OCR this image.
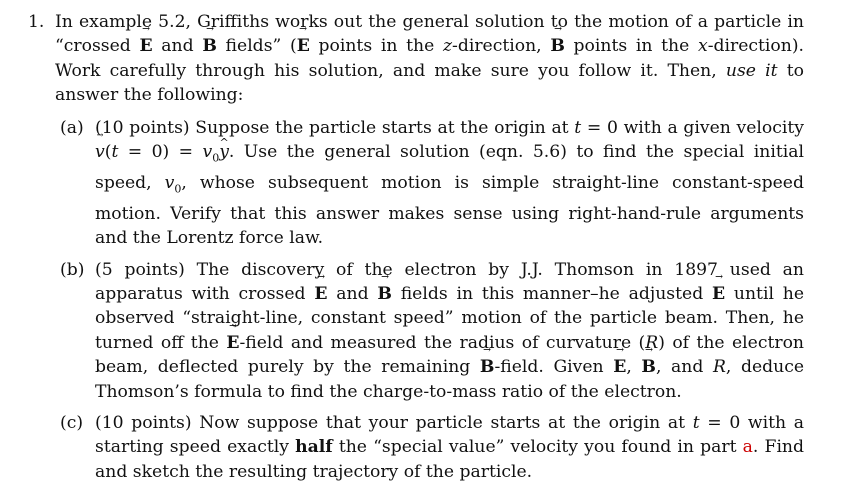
1. In example 5.2, Griffiths works out the general solution to the motion of a particle in “crossed E → and B → fields” (E → points in the z-direction, B → points in the x-direction). Work carefully through his solution, and make sure you follow it. Then, use it to answer the following:
(a) (10 points) Suppose the particle starts at the origin at t = 0 with a given velocity $v \to(t = 0) = v_0y$ ^. Use the general solution (eqn. 5.6) to find the special initial speed, $v_0$, whose subsequent motion is simple straight-line constant-speed motion. Verify that this answer makes sense using right-hand-rule arguments and the Lorentz force law.
(b) (5 points) The discovery of the electron by J.J. Thomson in 1897 used an apparatus with crossed E → and B → fields in this manner–he adjusted E → until he observed “straight-line, constant speed” motion of the particle beam. Then, he turned off the E →-field and measured the radius of curvature (R) of the electron beam, deflected purely by the remaining B →-field. Given E →, B →, and R, deduce Thomson’s formula to find the charge-to-mass ratio of the electron.
(c) (10 points) Now suppose that your particle starts at the origin at t = 0 with a starting speed exactly half the “special value” velocity you found in part a. Find and sketch the resulting trajectory of the particle.
